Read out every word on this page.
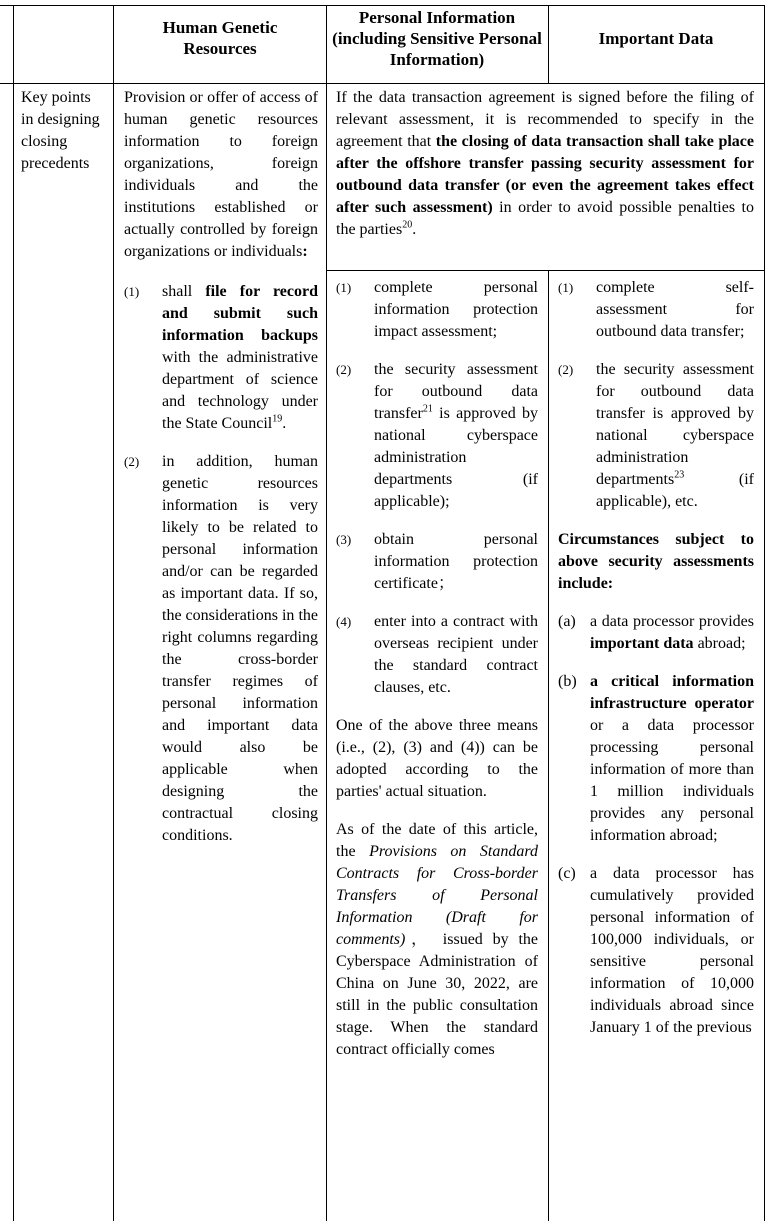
Human Genetic Resources
Personal Information (including Sensitive Personal Information)
Important Data
Key points in designing closing precedents

Provision or offer of access of human genetic resources information to foreign organizations, foreign individuals and the institutions established or actually controlled by foreign organizations or individuals:

(1) shall file for record and submit such information backups with the administrative department of science and technology under the State Council$^{19}$.
(2) in addition, human genetic resources information is very likely to be related to personal information and/or can be regarded as important data. If so, the considerations in the right columns regarding the cross-border transfer regimes of personal information and important data would also be applicable when designing the contractual closing conditions.
If the data transaction agreement is signed before the filing of relevant assessment, it is recommended to specify in the agreement that the closing of data transaction shall take place after the offshore transfer passing security assessment for outbound data transfer (or even the agreement takes effect after such assessment) in order to avoid possible penalties to the parties$^{20}$.
(1) complete personal information protection impact assessment;
(2) the security assessment for outbound data transfer$^{21}$ is approved by national cyberspace administration departments (if applicable);
(3) obtain personal information protection certificate；
(4) enter into a contract with overseas recipient under the standard contract clauses, etc.

One of the above three means (i.e., (2), (3) and (4)) can be adopted according to the parties' actual situation.

As of the date of this article, the Provisions on Standard Contracts for Cross-border Transfers of Personal Information (Draft for comments)， issued by the Cyberspace Administration of China on June 30, 2022, are still in the public consultation stage. When the standard contract officially comes

(1) complete self-assessment for outbound data transfer;
(2) the security assessment for outbound data transfer is approved by national cyberspace administration departments$^{23}$ (if applicable), etc.

Circumstances subject to above security assessments include:

(a) a data processor provides important data abroad;
(b) a critical information infrastructure operator or a data processor processing personal information of more than 1 million individuals provides any personal information abroad;
(c) a data processor has cumulatively provided personal information of 100,000 individuals, or sensitive personal information of 10,000 individuals abroad since January 1 of the previous
